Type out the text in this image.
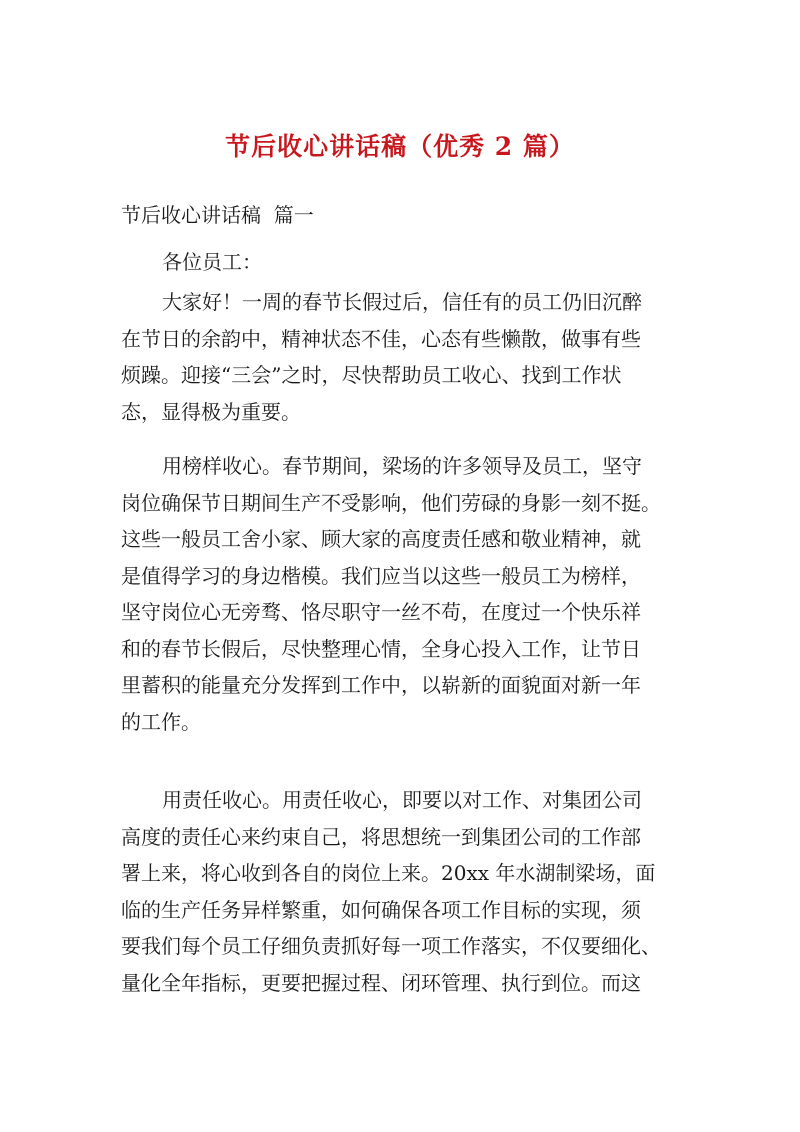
节后收心讲话稿（优秀 2 篇）

节后收心讲话稿  篇一

各位员工：

大家好！一周的春节长假过后，信任有的员工仍旧沉醉
在节日的余韵中，精神状态不佳，心态有些懒散，做事有些
烦躁。迎接“三会”之时，尽快帮助员工收心、找到工作状
态，显得极为重要。
用榜样收心。春节期间，梁场的许多领导及员工，坚守
岗位确保节日期间生产不受影响，他们劳碌的身影一刻不挺。
这些一般员工舍小家、顾大家的高度责任感和敬业精神，就
是值得学习的身边楷模。我们应当以这些一般员工为榜样，
坚守岗位心无旁骛、恪尽职守一丝不苟，在度过一个快乐祥
和的春节长假后，尽快整理心情，全身心投入工作，让节日
里蓄积的能量充分发挥到工作中，以崭新的面貌面对新一年
的工作。
用责任收心。用责任收心，即要以对工作、对集团公司
高度的责任心来约束自己，将思想统一到集团公司的工作部
署上来，将心收到各自的岗位上来。20xx 年水湖制梁场，面
临的生产任务异样繁重，如何确保各项工作目标的实现，须
要我们每个员工仔细负责抓好每一项工作落实，不仅要细化、
量化全年指标，更要把握过程、闭环管理、执行到位。而这
